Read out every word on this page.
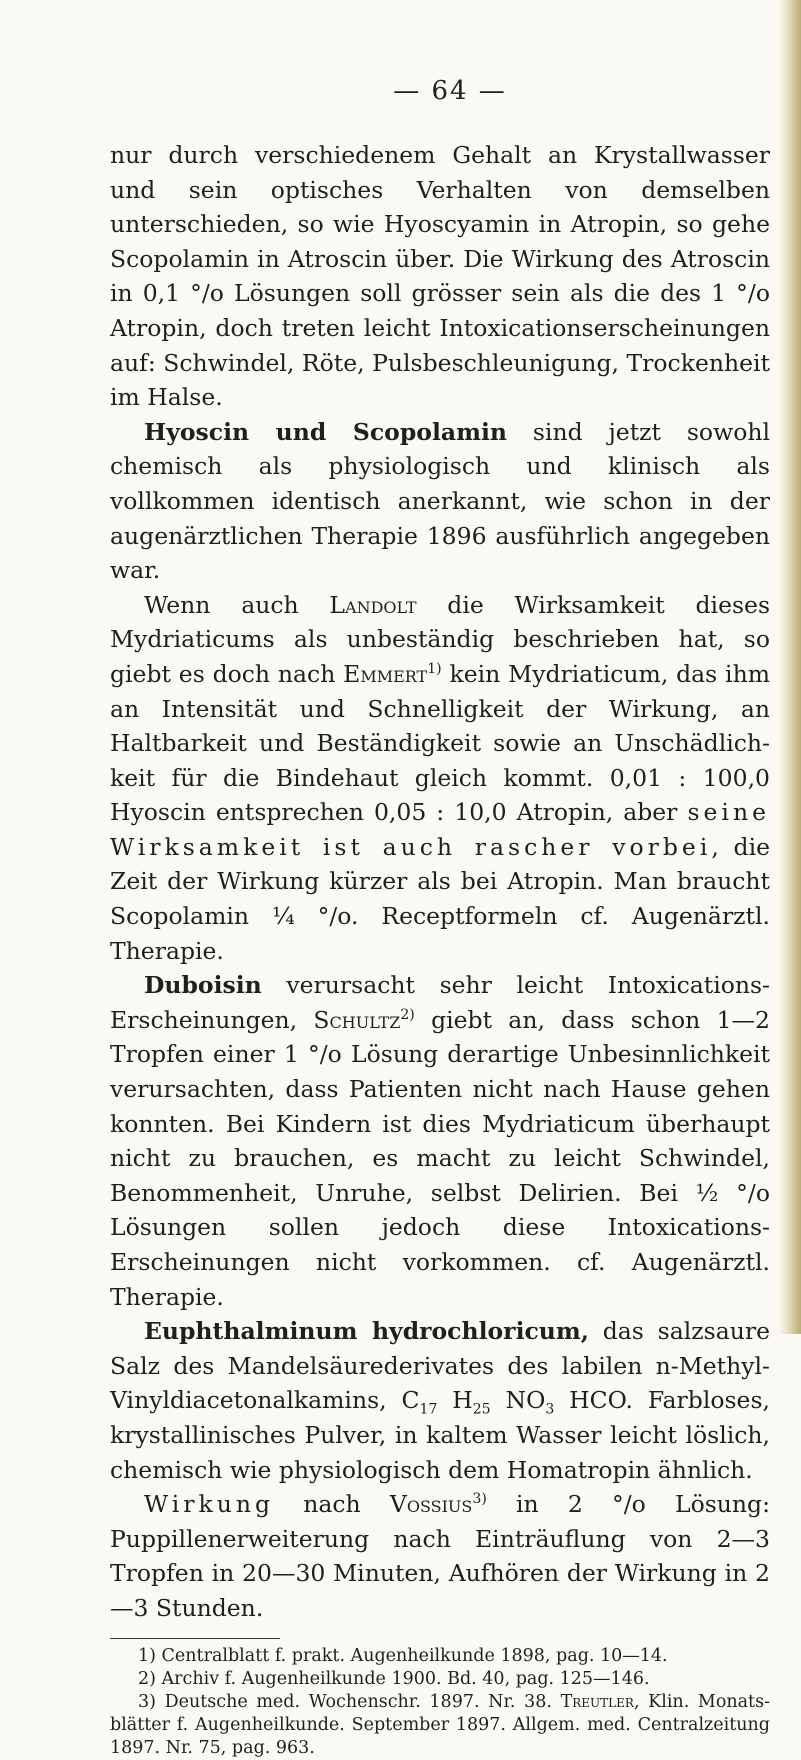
— 64 —

nur durch verschiedenem Gehalt an Krystallwasser und sein optisches Verhalten von demselben unterschieden, so wie Hyoscyamin in Atropin, so gehe Scopolamin in Atroscin über. Die Wirkung des Atroscin in 0,1 °/o Lösungen soll grösser sein als die des 1 °/o Atropin, doch treten leicht Intoxicationserscheinungen auf: Schwindel, Röte, Pulsbeschleunigung, Trockenheit im Halse.

Hyoscin und Scopolamin sind jetzt sowohl chemisch als physiologisch und klinisch als vollkommen identisch anerkannt, wie schon in der augenärztlichen Therapie 1896 ausführlich angegeben war.

Wenn auch Landolt die Wirksamkeit dieses Mydriaticums als unbeständig beschrieben hat, so giebt es doch nach Emmert$^{1)}$ kein Mydriaticum, das ihm an Intensität und Schnelligkeit der Wirkung, an Haltbarkeit und Beständigkeit sowie an Unschädlichkeit für die Bindehaut gleich kommt. 0,01 : 100,0 Hyoscin entsprechen 0,05 : 10,0 Atropin, aber seine Wirksamkeit ist auch rascher vorbei, die Zeit der Wirkung kürzer als bei Atropin. Man braucht Scopolamin ¼ °/o. Receptformeln cf. Augenärztl. Therapie.

Duboisin verursacht sehr leicht Intoxications-Erscheinungen, Schultz$^{2)}$ giebt an, dass schon 1—2 Tropfen einer 1 °/o Lösung derartige Unbesinnlichkeit verursachten, dass Patienten nicht nach Hause gehen konnten. Bei Kindern ist dies Mydriaticum überhaupt nicht zu brauchen, es macht zu leicht Schwindel, Benommenheit, Unruhe, selbst Delirien. Bei ½ °/o Lösungen sollen jedoch diese Intoxications-Erscheinungen nicht vorkommen. cf. Augenärztl. Therapie.

Euphthalminum hydrochloricum, das salzsaure Salz des Mandelsäurederivates des labilen n-Methyl-Vinyldiacetonalkamins, $C_{17}$ $H_{25}$ $NO_3$ HCO. Farbloses, krystallinisches Pulver, in kaltem Wasser leicht löslich, chemisch wie physiologisch dem Homatropin ähnlich.

Wirkung nach Vossius$^{3)}$ in 2 °/o Lösung: Puppillenerweiterung nach Einträuflung von 2—3 Tropfen in 20—30 Minuten, Aufhören der Wirkung in 2—3 Stunden.

1) Centralblatt f. prakt. Augenheilkunde 1898, pag. 10—14.

2) Archiv f. Augenheilkunde 1900. Bd. 40, pag. 125—146.

3) Deutsche med. Wochenschr. 1897. Nr. 38. Treutler, Klin. Monatsblätter f. Augenheilkunde. September 1897. Allgem. med. Centralzeitung 1897. Nr. 75, pag. 963.
